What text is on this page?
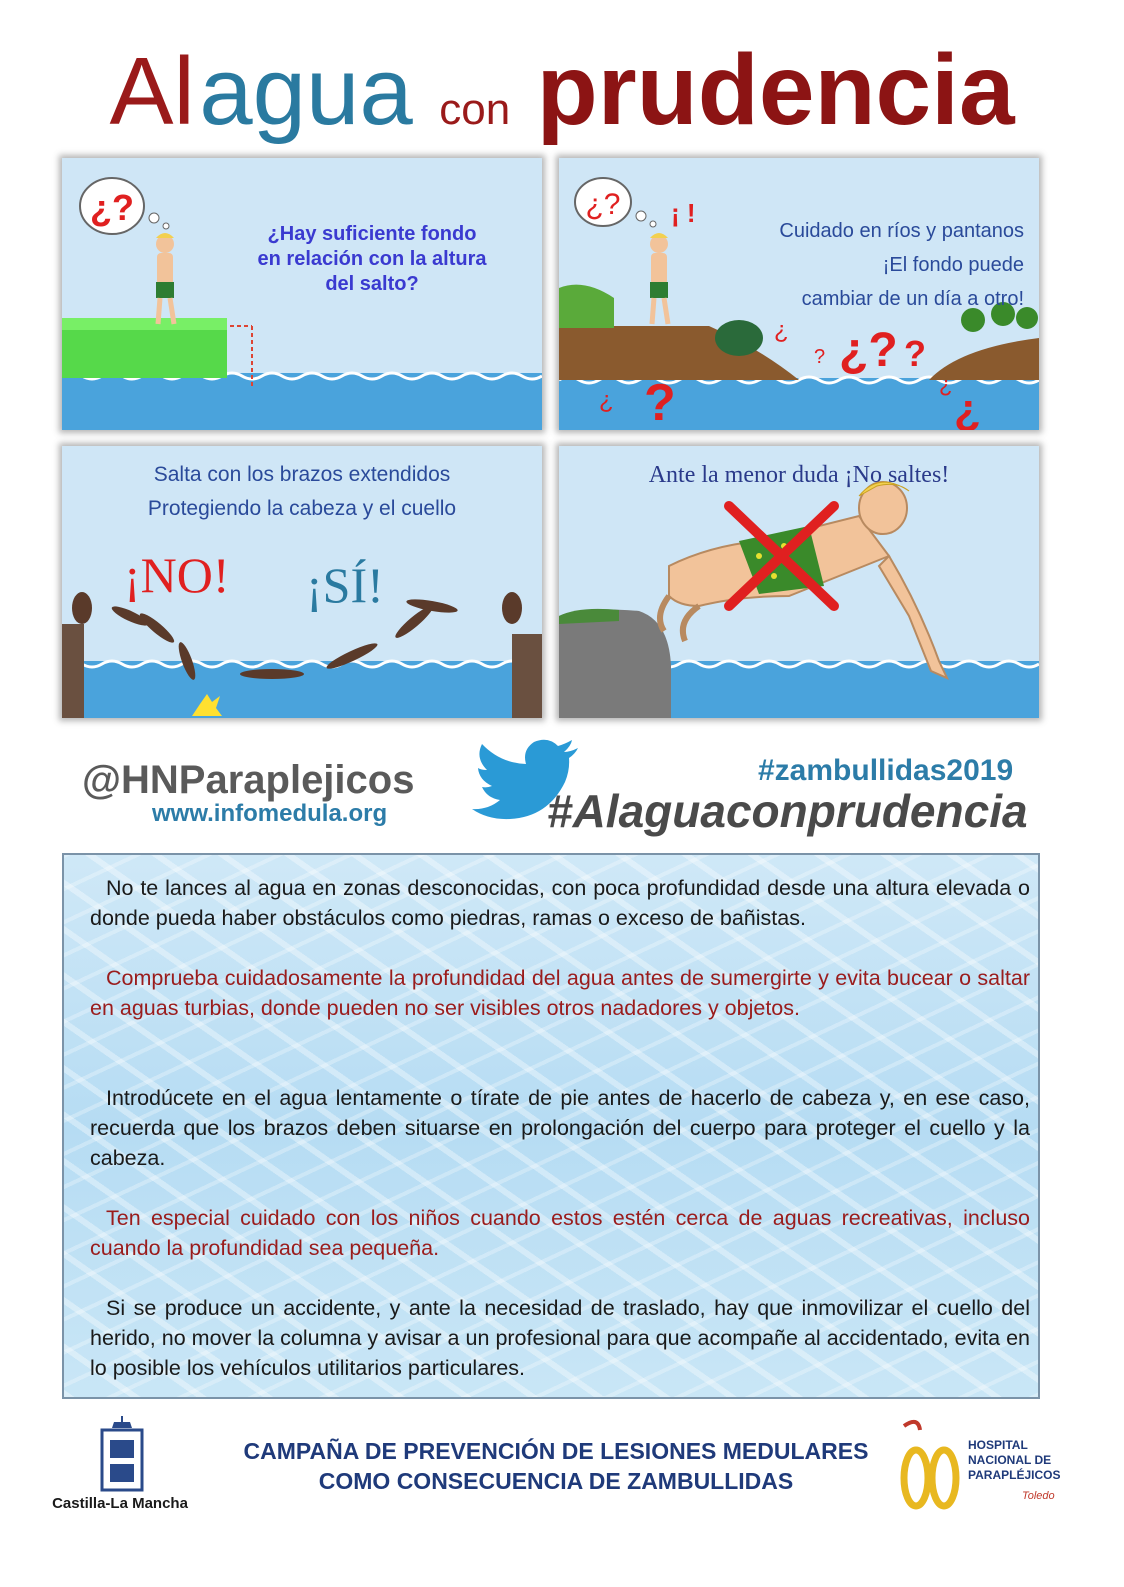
Al agua con prudencia
¿?
¿Hay suficiente fondo
en relación con la altura
del salto?
¿? ¡ !
¿
? ¿? ?
?
¿
¿
¿
Cuidado en ríos y pantanos
¡El fondo puede
cambiar de un día a otro!
¡NO! ¡SÍ!
Salta con los brazos extendidos
Protegiendo la cabeza y el cuello
Ante la menor duda ¡No saltes!
@HNParaplejicos
www.infomedula.org
#zambullidas2019
#Alaguaconprudencia

No te lances al agua en zonas desconocidas, con poca profundidad desde una altura elevada o donde pueda haber obstáculos como piedras, ramas o exceso de bañistas.

Comprueba cuidadosamente la profundidad del agua antes de sumergirte y evita bucear o saltar en aguas turbias, donde pueden no ser visibles otros nadadores y objetos.

Introdúcete en el agua lentamente o tírate de pie antes de hacerlo de cabeza y, en ese caso, recuerda que los brazos deben situarse en prolongación del cuerpo para proteger el cuello y la cabeza.

Ten especial cuidado con los niños cuando estos estén cerca de aguas recreativas, incluso cuando la profundidad sea pequeña.

Si se produce un accidente, y ante la necesidad de traslado, hay que inmovilizar el cuello del herido, no mover la columna y avisar a un profesional para que acompañe al accidentado, evita en lo posible los vehículos utilitarios particulares.

Castilla-La Mancha
CAMPAÑA DE PREVENCIÓN DE LESIONES MEDULARES
COMO CONSECUENCIA DE ZAMBULLIDAS
HOSPITAL
NACIONAL DE
PARAPLÉJICOS
Toledo
